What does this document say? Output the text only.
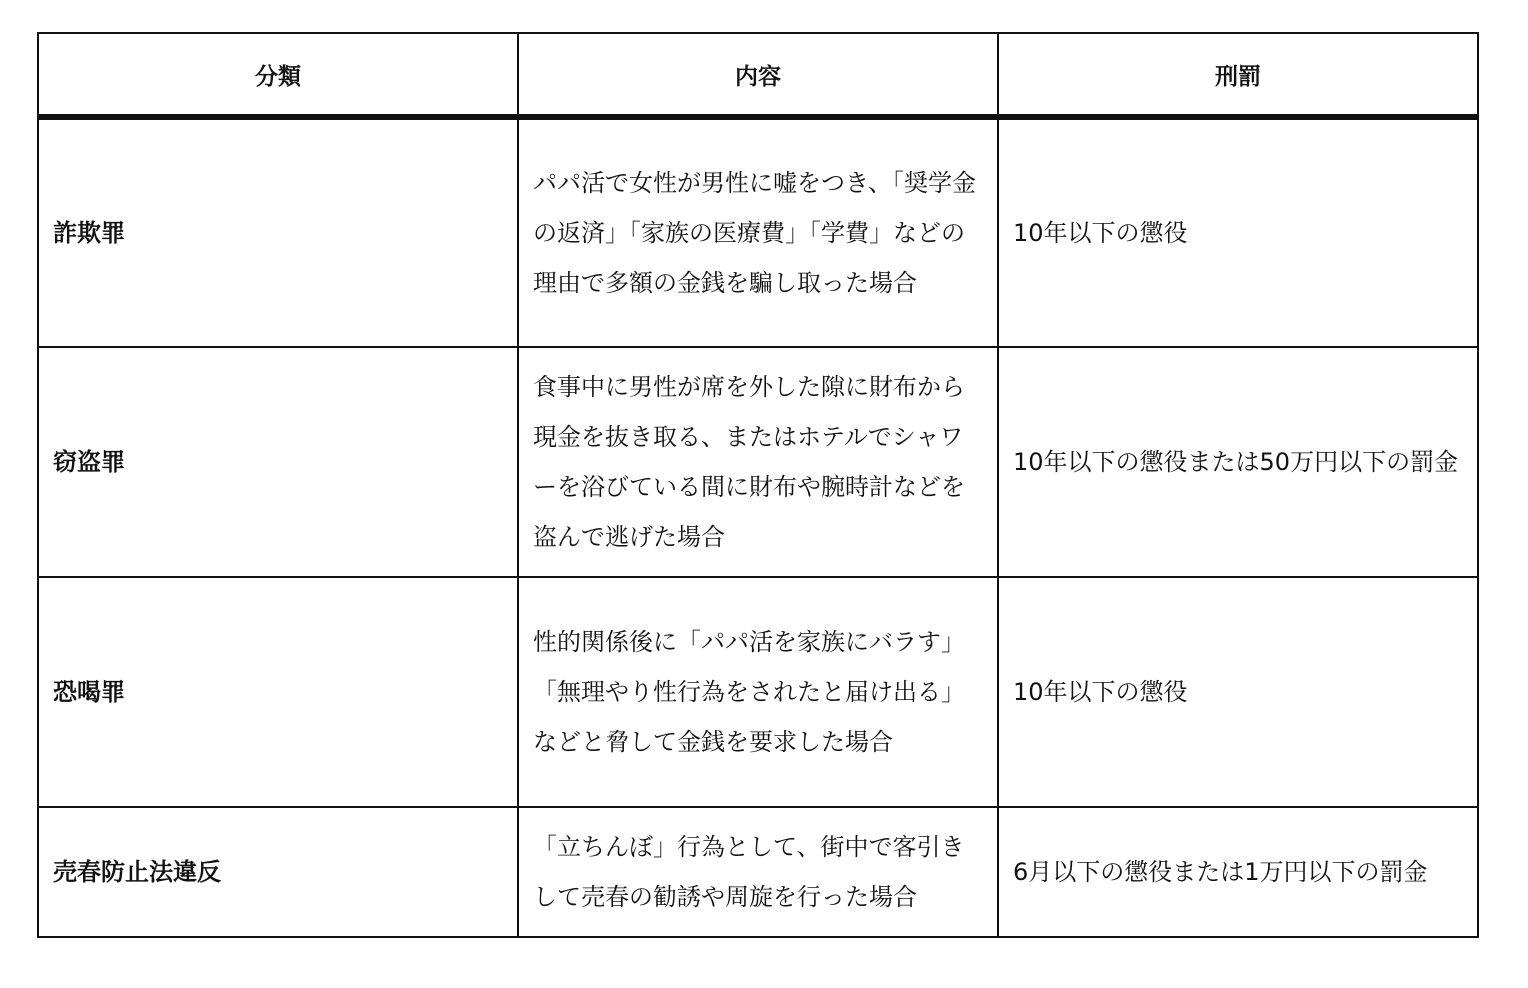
分類	内容	刑罰
詐欺罪	パパ活で女性が男性に嘘をつき、「奨学金の返済」「家族の医療費」「学費」などの理由で多額の金銭を騙し取った場合	10年以下の懲役
窃盗罪	食事中に男性が席を外した隙に財布から現金を抜き取る、またはホテルでシャワーを浴びている間に財布や腕時計などを盗んで逃げた場合	10年以下の懲役または50万円以下の罰金
恐喝罪	性的関係後に「パパ活を家族にバラす」「無理やり性行為をされたと届け出る」などと脅して金銭を要求した場合	10年以下の懲役
売春防止法違反	「立ちんぼ」行為として、街中で客引きして売春の勧誘や周旋を行った場合	6月以下の懲役または1万円以下の罰金
